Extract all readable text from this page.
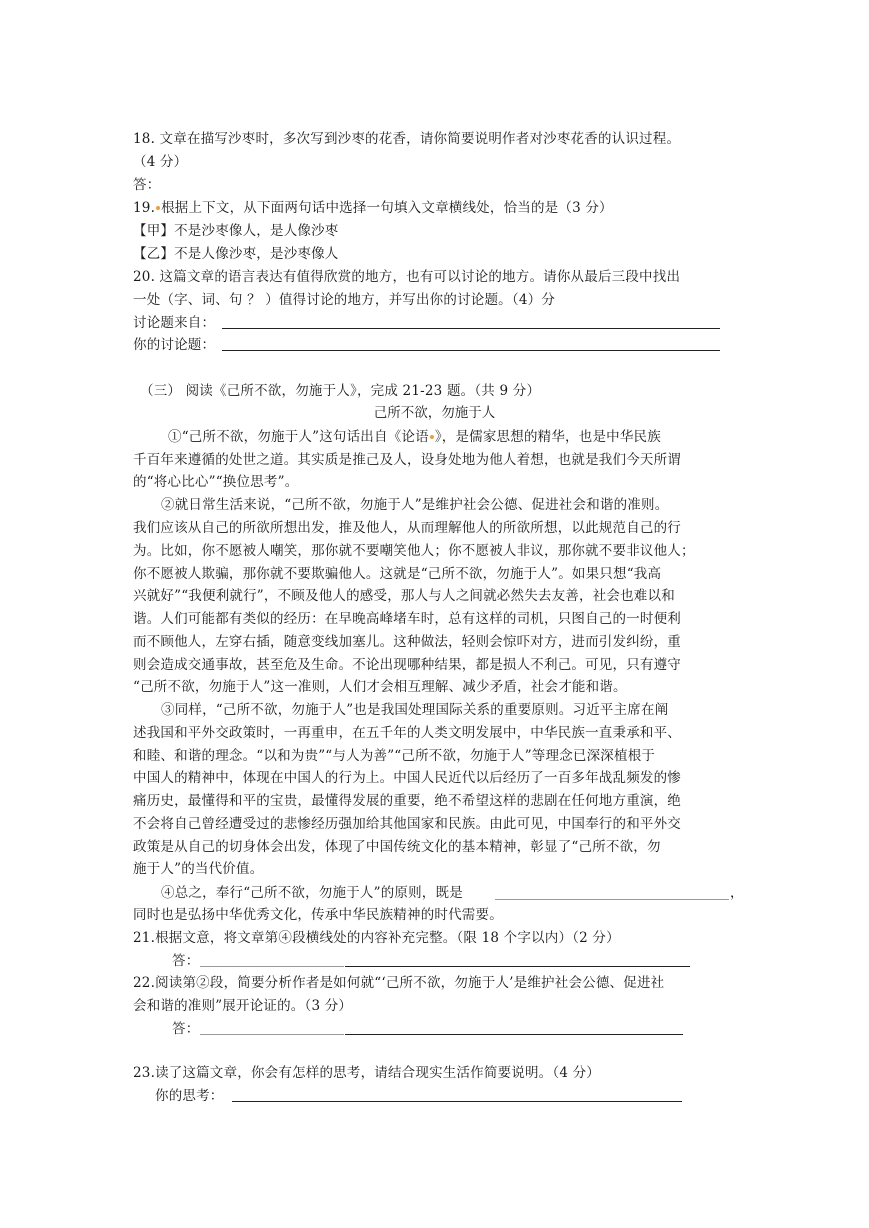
18. 文章在描写沙枣时，多次写到沙枣的花香，请你简要说明作者对沙枣花香的认识过程。
（4 分）
答：
19. 根据上下文，从下面两句话中选择一句填入文章横线处，恰当的是（3 分）
【甲】不是沙枣像人，是人像沙枣
【乙】不是人像沙枣，是沙枣像人
20. 这篇文章的语言表达有值得欣赏的地方，也有可以讨论的地方。请你从最后三段中找出
一处（字、词、句 ？ ）值得讨论的地方，并写出你的讨论题。（4）分
讨论题来自：
你的讨论题：
（三） 阅读《己所不欲，勿施于人》，完成 21-23 题。（共 9 分）
己所不欲，勿施于人
①“己所不欲，勿施于人”这句话出自《论语 》，是儒家思想的精华，也是中华民族
千百年来遵循的处世之道。其实质是推己及人，设身处地为他人着想，也就是我们今天所谓
的“将心比心”“换位思考”。
②就日常生活来说，“己所不欲，勿施于人”是维护社会公德、促进社会和谐的准则。
我们应该从自己的所欲所想出发，推及他人，从而理解他人的所欲所想，以此规范自己的行
为。比如，你不愿被人嘲笑，那你就不要嘲笑他人；你不愿被人非议，那你就不要非议他人；
你不愿被人欺骗，那你就不要欺骗他人。这就是“己所不欲，勿施于人”。如果只想“我高
兴就好”“我便利就行”，不顾及他人的感受，那人与人之间就必然失去友善，社会也难以和
谐。人们可能都有类似的经历：在早晚高峰堵车时，总有这样的司机，只图自己的一时便利
而不顾他人，左穿右插，随意变线加塞儿。这种做法，轻则会惊吓对方，进而引发纠纷，重
则会造成交通事故，甚至危及生命。不论出现哪种结果，都是损人不利己。可见，只有遵守
“己所不欲，勿施于人”这一准则，人们才会相互理解、减少矛盾，社会才能和谐。
③同样，“己所不欲，勿施于人”也是我国处理国际关系的重要原则。习近平主席在阐
述我国和平外交政策时，一再重申，在五千年的人类文明发展中，中华民族一直秉承和平、
和睦、和谐的理念。“以和为贵”“与人为善”“己所不欲，勿施于人”等理念已深深植根于
中国人的精神中，体现在中国人的行为上。中国人民近代以后经历了一百多年战乱频发的惨
痛历史，最懂得和平的宝贵，最懂得发展的重要，绝不希望这样的悲剧在任何地方重演，绝
不会将自己曾经遭受过的悲惨经历强加给其他国家和民族。由此可见，中国奉行的和平外交
政策是从自己的切身体会出发，体现了中国传统文化的基本精神，彰显了“己所不欲，勿
施于人”的当代价值。
④总之，奉行“己所不欲，勿施于人”的原则，既是	，
同时也是弘扬中华优秀文化，传承中华民族精神的时代需要。
21.根据文意，将文章第④段横线处的内容补充完整。（限 18 个字以内）（2 分）
答：
22.阅读第②段，简要分析作者是如何就“‘己所不欲，勿施于人’是维护社会公德、促进社
会和谐的准则”展开论证的。（3 分）
答：
23.读了这篇文章，你会有怎样的思考，请结合现实生活作简要说明。（4 分）
你的思考：
